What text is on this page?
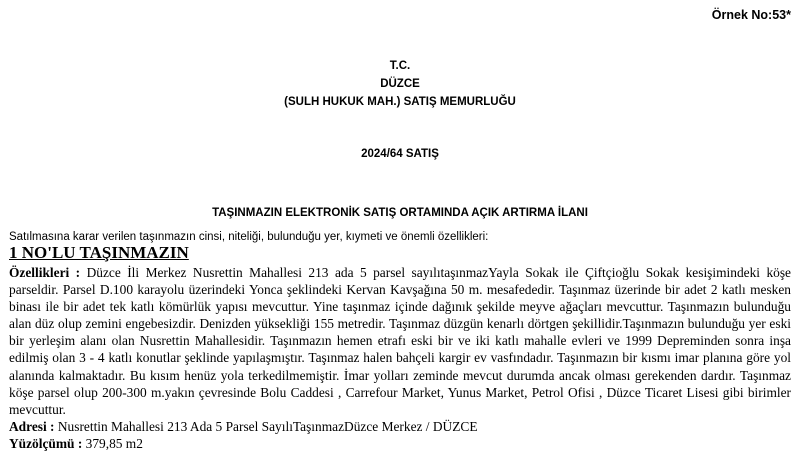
Örnek No:53*
T.C.
DÜZCE
(SULH HUKUK MAH.) SATIŞ MEMURLUĞU
2024/64 SATIŞ
TAŞINMAZIN ELEKTRONİK SATIŞ ORTAMINDA AÇIK ARTIRMA İLANI
Satılmasına karar verilen taşınmazın cinsi, niteliği, bulunduğu yer, kıymeti ve önemli özellikleri:
1 NO'LU TAŞINMAZIN
Özellikleri : Düzce İli Merkez Nusrettin Mahallesi 213 ada 5 parsel sayılıtaşınmazYayla Sokak ile Çiftçioğlu Sokak kesişimindeki köşe parseldir. Parsel D.100 karayolu üzerindeki Yonca şeklindeki Kervan Kavşağına 50 m. mesafededir. Taşınmaz üzerinde bir adet 2 katlı mesken binası ile bir adet tek katlı kömürlük yapısı mevcuttur. Yine taşınmaz içinde dağınık şekilde meyve ağaçları mevcuttur. Taşınmazın bulunduğu alan düz olup zemini engebesizdir. Denizden yüksekliği 155 metredir. Taşınmaz düzgün kenarlı dörtgen şekillidir.Taşınmazın bulunduğu yer eski bir yerleşim alanı olan Nusrettin Mahallesidir. Taşınmazın hemen etrafı eski bir ve iki katlı mahalle evleri ve 1999 Depreminden sonra inşa edilmiş olan 3 - 4 katlı konutlar şeklinde yapılaşmıştır. Taşınmaz halen bahçeli kargir ev vasfındadır. Taşınmazın bir kısmı imar planına göre yol alanında kalmaktadır. Bu kısım henüz yola terkedilmemiştir. İmar yolları zeminde mevcut durumda ancak olması gerekenden dardır. Taşınmaz köşe parsel olup 200-300 m.yakın çevresinde Bolu Caddesi , Carrefour Market, Yunus Market, Petrol Ofisi , Düzce Ticaret Lisesi gibi birimler mevcuttur.
Adresi : Nusrettin Mahallesi 213 Ada 5 Parsel SayılıTaşınmazDüzce Merkez / DÜZCE
Yüzölçümü : 379,85 m2
